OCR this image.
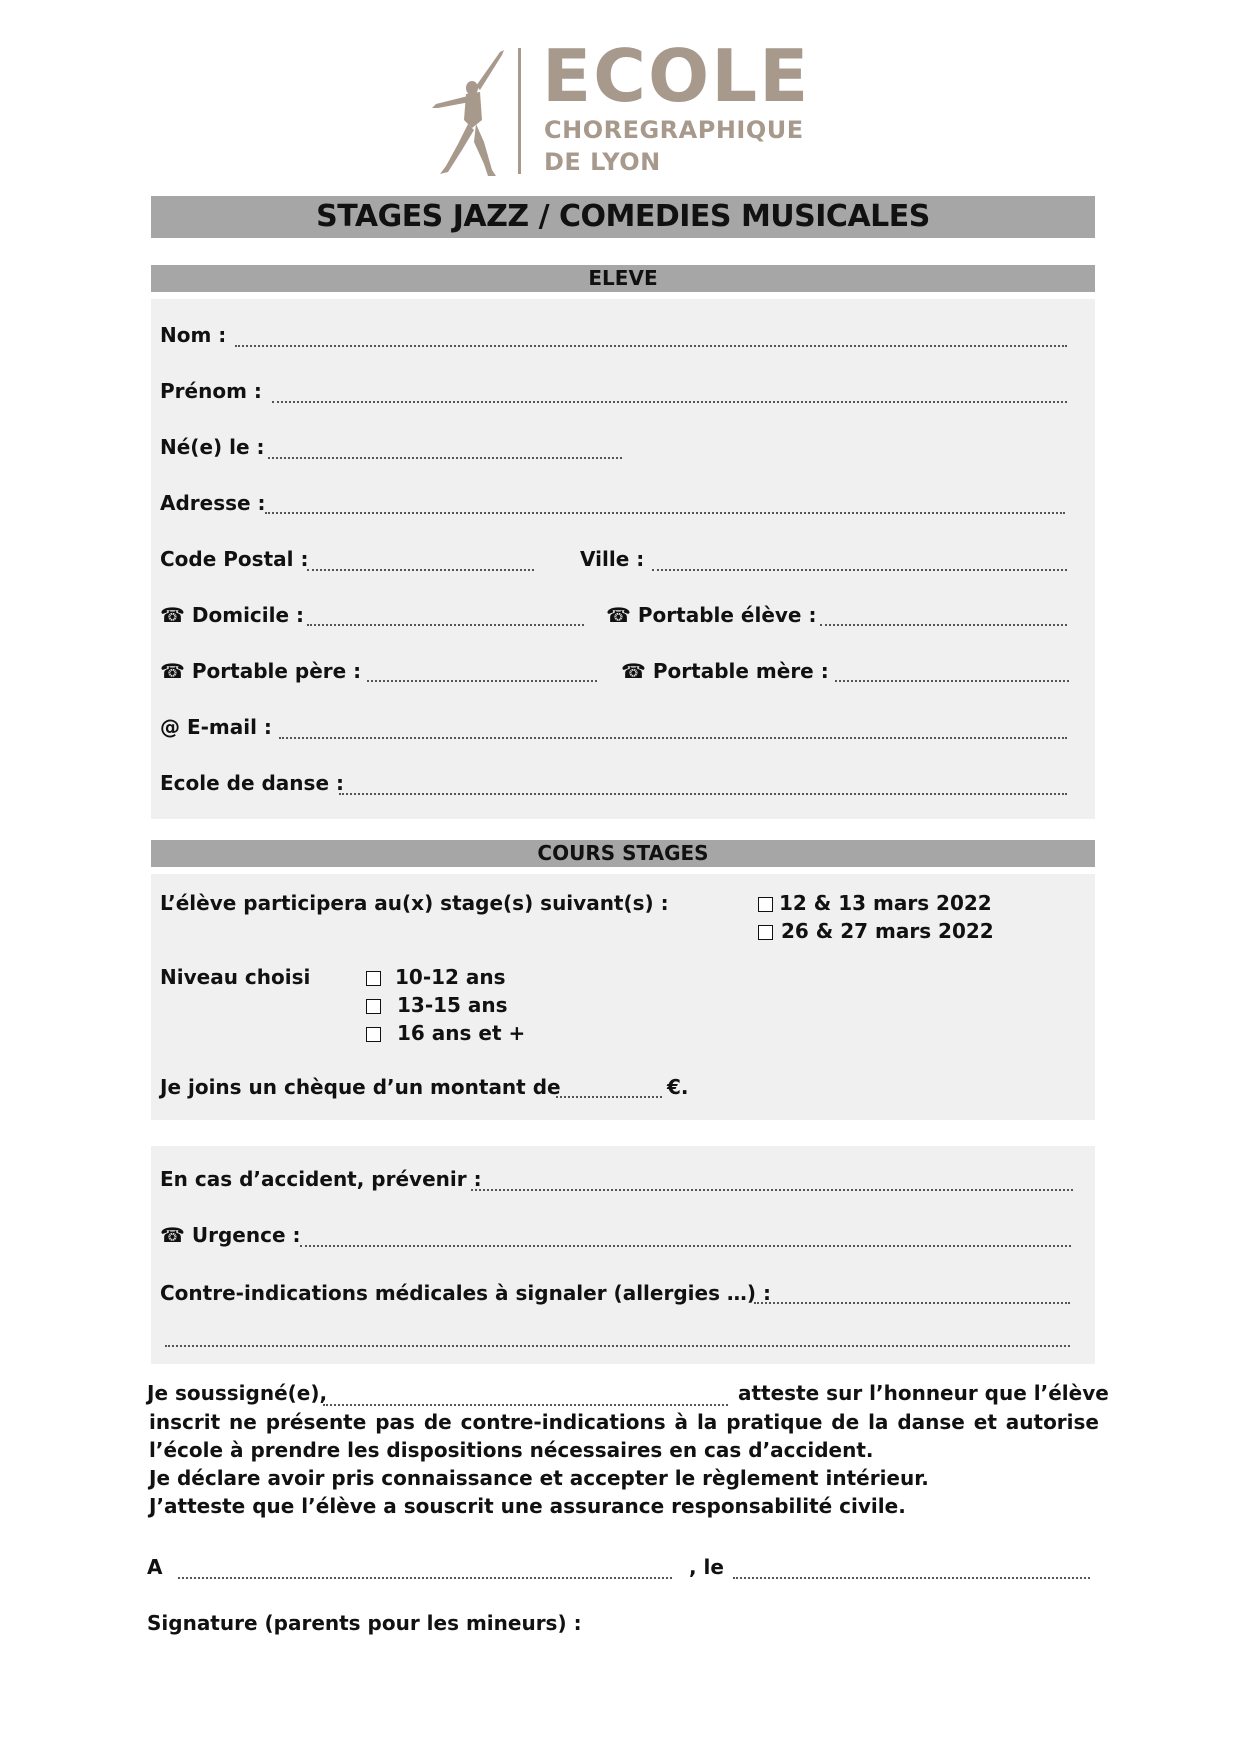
ECOLE
CHOREGRAPHIQUE
DE LYON
STAGES JAZZ / COMEDIES MUSICALES
ELEVE
Nom :
Prénom :
Né(e) le :
Adresse :
Code Postal :	Ville :
☎ Domicile :	☎ Portable élève :
☎ Portable père :	☎ Portable mère :
@ E-mail :
Ecole de danse :
COURS STAGES
L’élève participera au(x) stage(s) suivant(s) :	12 & 13 mars 2022
26 & 27 mars 2022
Niveau choisi	10-12 ans
13-15 ans
16 ans et +
Je joins un chèque d’un montant de	€.
En cas d’accident, prévenir :
☎ Urgence :
Contre-indications médicales à signaler (allergies …) :
Je soussigné(e),	atteste sur l’honneur que l’élève
inscrit ne présente pas de contre-indications à la pratique de la danse et autorise
l’école à prendre les dispositions nécessaires en cas d’accident.
Je déclare avoir pris connaissance et accepter le règlement intérieur.
J’atteste que l’élève a souscrit une assurance responsabilité civile.
A	, le
Signature (parents pour les mineurs) :
